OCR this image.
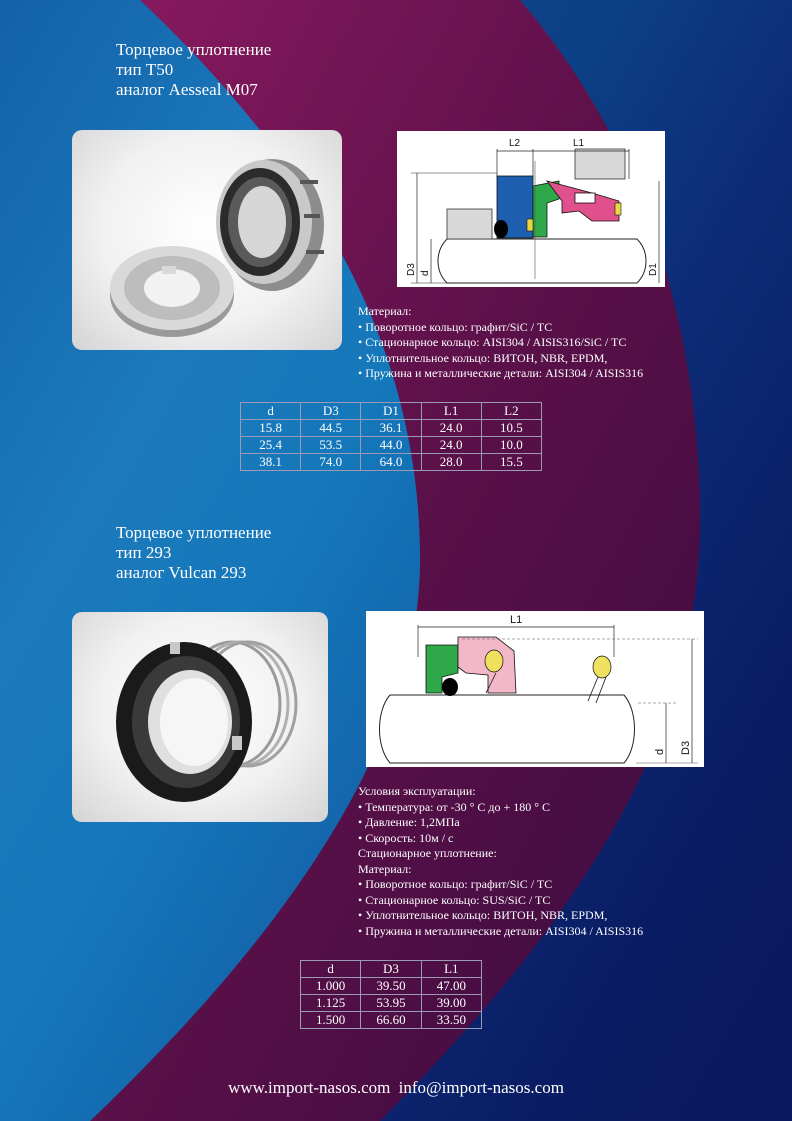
Торцевое уплотнение
тип T50
аналог Aesseal M07
L2	L1
D3 d	D1
Материал:
• Поворотное кольцо: графит/SiC / TC
• Стационарное кольцо: AISI304 / AISIS316/SiC / TC
• Уплотнительное кольцо: ВИТОН, NBR, EPDM,
• Пружина и металлические детали: AISI304 / AISIS316
d	D3	D1	L1	L2
15.8	44.5	36.1	24.0	10.5
25.4	53.5	44.0	24.0	10.0
38.1	74.0	64.0	28.0	15.5
Торцевое уплотнение
тип 293
аналог Vulcan 293
L1
d D3
Условия эксплуатации:
• Температура: от -30 ° С до + 180 ° С
• Давление: 1,2МПа
• Скорость: 10м / с
Стационарное уплотнение:
Материал:
• Поворотное кольцо: графит/SiC / TC
• Стационарное кольцо: SUS/SiC / TC
• Уплотнительное кольцо: ВИТОН, NBR, EPDM,
• Пружина и металлические детали: AISI304 / AISIS316
d	D3	L1
1.000	39.50	47.00
1.125	53.95	39.00
1.500	66.60	33.50
www.import-nasos.com info@import-nasos.com
